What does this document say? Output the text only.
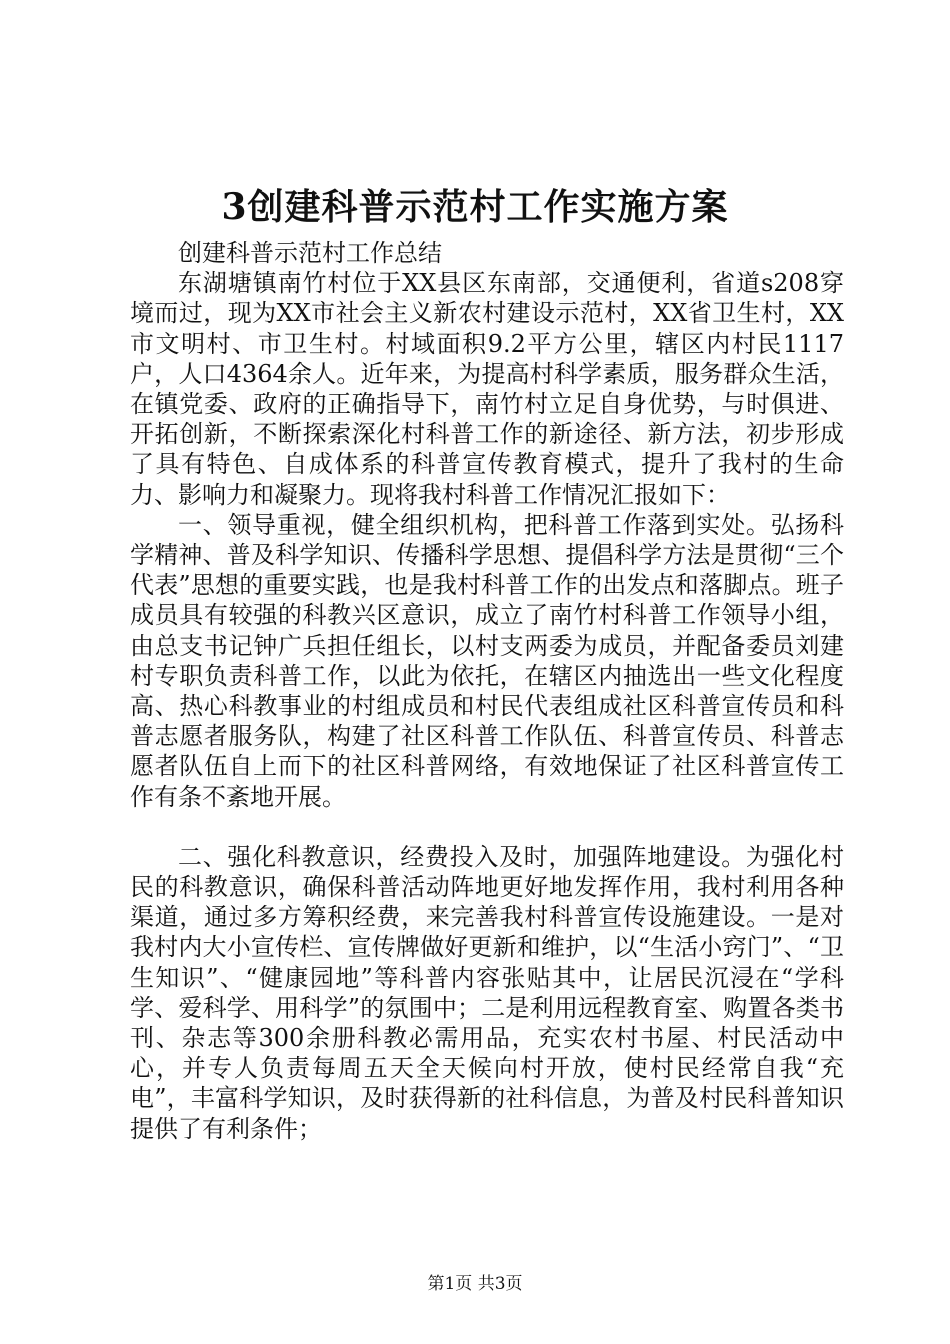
3创建科普示范村工作实施方案

创建科普示范村工作总结

东湖塘镇南竹村位于XX县区东南部，交通便利，省道s208穿境而过，现为XX市社会主义新农村建设示范村，XX省卫生村，XX市文明村、市卫生村。村域面积9.2平方公里，辖区内村民1117户，人口4364余人。近年来，为提高村科学素质，服务群众生活，在镇党委、政府的正确指导下，南竹村立足自身优势，与时俱进、开拓创新，不断探索深化村科普工作的新途径、新方法，初步形成了具有特色、自成体系的科普宣传教育模式，提升了我村的生命力、影响力和凝聚力。现将我村科普工作情况汇报如下：

一、领导重视，健全组织机构，把科普工作落到实处。弘扬科学精神、普及科学知识、传播科学思想、提倡科学方法是贯彻“三个代表”思想的重要实践，也是我村科普工作的出发点和落脚点。班子成员具有较强的科教兴区意识，成立了南竹村科普工作领导小组，由总支书记钟广兵担任组长，以村支两委为成员，并配备委员刘建村专职负责科普工作，以此为依托，在辖区内抽选出一些文化程度高、热心科教事业的村组成员和村民代表组成社区科普宣传员和科普志愿者服务队，构建了社区科普工作队伍、科普宣传员、科普志愿者队伍自上而下的社区科普网络，有效地保证了社区科普宣传工作有条不紊地开展。

二、强化科教意识，经费投入及时，加强阵地建设。为强化村民的科教意识，确保科普活动阵地更好地发挥作用，我村利用各种渠道，通过多方筹积经费，来完善我村科普宣传设施建设。一是对我村内大小宣传栏、宣传牌做好更新和维护，以“生活小窍门”、“卫生知识”、“健康园地”等科普内容张贴其中，让居民沉浸在“学科学、爱科学、用科学”的氛围中；二是利用远程教育室、购置各类书刊、杂志等300余册科教必需用品，充实农村书屋、村民活动中心，并专人负责每周五天全天候向村开放，使村民经常自我“充电”，丰富科学知识，及时获得新的社科信息，为普及村民科普知识提供了有利条件；

第1页 共3页
